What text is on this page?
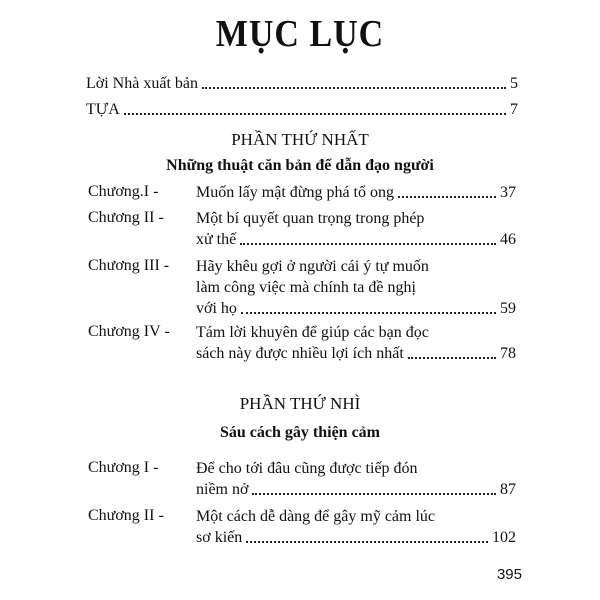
MỤC LỤC
Lời Nhà xuất bản	5
TỰA	7
PHẦN THỨ NHẤT
Những thuật căn bản để dẫn đạo người
Chương.I - Muốn lấy mật đừng phá tổ ong	37
Chương II - Một bí quyết quan trọng trong phép
xử thế	46
Chương III - Hãy khêu gợi ở người cái ý tự muốn
làm công việc mà chính ta đề nghị
với họ	59
Chương IV - Tám lời khuyên để giúp các bạn đọc
sách này được nhiều lợi ích nhất	78
PHẦN THỨ NHÌ
Sáu cách gây thiện cảm
Chương I - Để cho tới đâu cũng được tiếp đón
niềm nở	87
Chương II - Một cách dễ dàng để gây mỹ cảm lúc
sơ kiến	102
395
